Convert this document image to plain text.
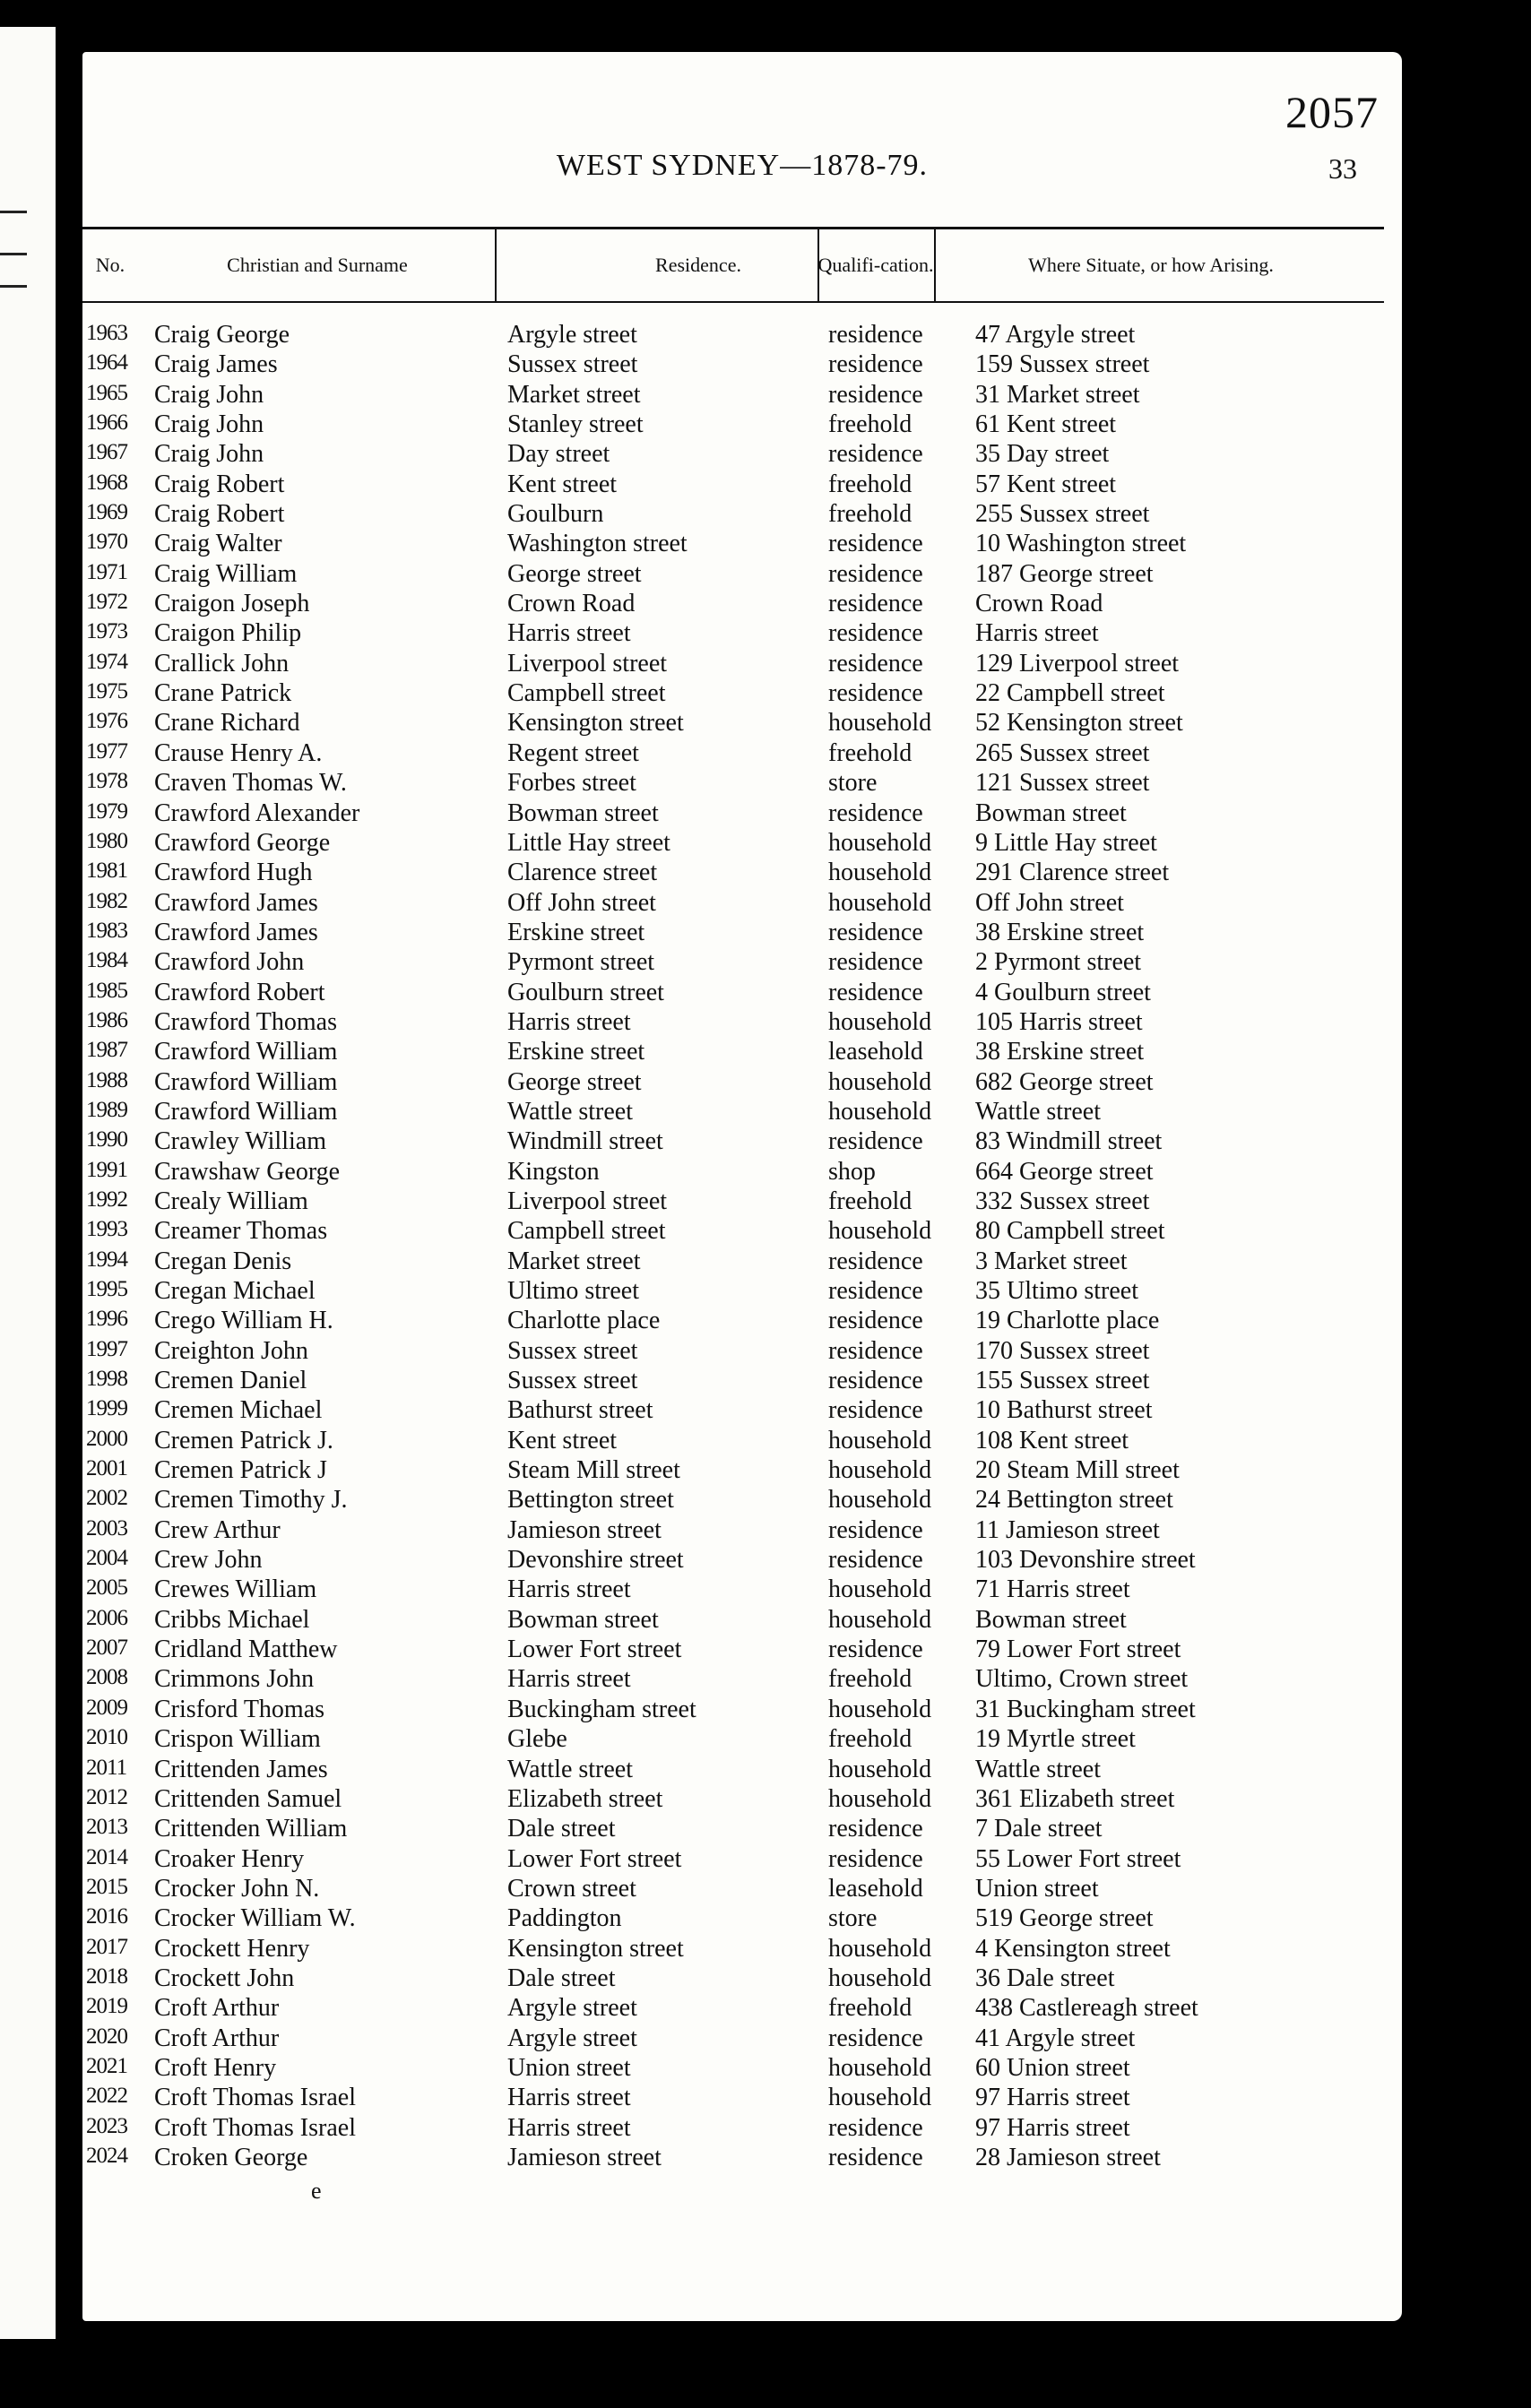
2057
WEST SYDNEY—1878-79.	33
No.	Christian and Surname	Residence.	Qualifi-cation.	Where Situate, or how Arising.
1963 Craig George	Argyle street	residence 47 Argyle street
1964 Craig James	Sussex street	residence 159 Sussex street
1965 Craig John	Market street	residence 31 Market street
1966 Craig John	Stanley street	freehold	61 Kent street
1967 Craig John	Day street	residence 35 Day street
1968 Craig Robert	Kent street	freehold	57 Kent street
1969 Craig Robert	Goulburn	freehold	255 Sussex street
1970 Craig Walter	Washington street	residence 10 Washington street
1971 Craig William	George street	residence 187 George street
1972 Craigon Joseph	Crown Road	residence Crown Road
1973 Craigon Philip	Harris street	residence Harris street
1974 Crallick John	Liverpool street	residence 129 Liverpool street
1975 Crane Patrick	Campbell street	residence 22 Campbell street
1976 Crane Richard	Kensington street	household 52 Kensington street
1977 Crause Henry A.	Regent street	freehold	265 Sussex street
1978 Craven Thomas W.	Forbes street	store	121 Sussex street
1979 Crawford Alexander	Bowman street	residence Bowman street
1980 Crawford George	Little Hay street	household 9 Little Hay street
1981 Crawford Hugh	Clarence street	household 291 Clarence street
1982 Crawford James	Off John street	household Off John street
1983 Crawford James	Erskine street	residence 38 Erskine street
1984 Crawford John	Pyrmont street	residence 2 Pyrmont street
1985 Crawford Robert	Goulburn street	residence 4 Goulburn street
1986 Crawford Thomas	Harris street	household 105 Harris street
1987 Crawford William	Erskine street	leasehold 38 Erskine street
1988 Crawford William	George street	household 682 George street
1989 Crawford William	Wattle street	household Wattle street
1990 Crawley William	Windmill street	residence 83 Windmill street
1991 Crawshaw George	Kingston	shop	664 George street
1992 Crealy William	Liverpool street	freehold	332 Sussex street
1993 Creamer Thomas	Campbell street	household 80 Campbell street
1994 Cregan Denis	Market street	residence 3 Market street
1995 Cregan Michael	Ultimo street	residence 35 Ultimo street
1996 Crego William H.	Charlotte place	residence 19 Charlotte place
1997 Creighton John	Sussex street	residence 170 Sussex street
1998 Cremen Daniel	Sussex street	residence 155 Sussex street
1999 Cremen Michael	Bathurst street	residence 10 Bathurst street
2000 Cremen Patrick J.	Kent street	household 108 Kent street
2001 Cremen Patrick J	Steam Mill street	household 20 Steam Mill street
2002 Cremen Timothy J.	Bettington street	household 24 Bettington street
2003 Crew Arthur	Jamieson street	residence 11 Jamieson street
2004 Crew John	Devonshire street	residence 103 Devonshire street
2005 Crewes William	Harris street	household 71 Harris street
2006 Cribbs Michael	Bowman street	household Bowman street
2007 Cridland Matthew	Lower Fort street	residence 79 Lower Fort street
2008 Crimmons John	Harris street	freehold	Ultimo, Crown street
2009 Crisford Thomas	Buckingham street	household 31 Buckingham street
2010 Crispon William	Glebe	freehold	19 Myrtle street
2011 Crittenden James	Wattle street	household Wattle street
2012 Crittenden Samuel	Elizabeth street	household 361 Elizabeth street
2013 Crittenden William	Dale street	residence 7 Dale street
2014 Croaker Henry	Lower Fort street	residence 55 Lower Fort street
2015 Crocker John N.	Crown street	leasehold Union street
2016 Crocker William W.	Paddington	store	519 George street
2017 Crockett Henry	Kensington street	household 4 Kensington street
2018 Crockett John	Dale street	household 36 Dale street
2019 Croft Arthur	Argyle street	freehold	438 Castlereagh street
2020 Croft Arthur	Argyle street	residence 41 Argyle street
2021 Croft Henry	Union street	household 60 Union street
2022 Croft Thomas Israel	Harris street	household 97 Harris street
2023 Croft Thomas Israel	Harris street	residence 97 Harris street
2024 Croken George	Jamieson street	residence 28 Jamieson street
e
